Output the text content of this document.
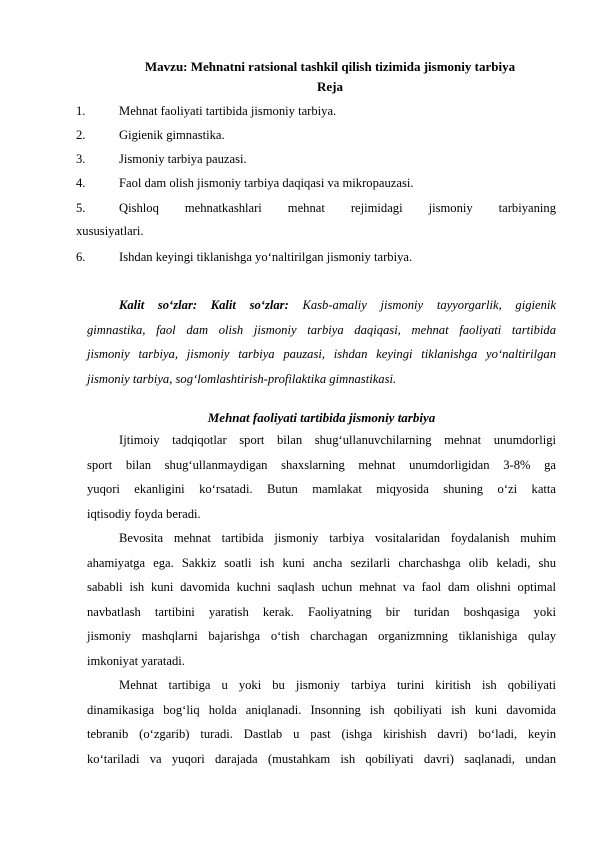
Mavzu: Mehnatni ratsional tashkil qilish tizimida jismoniy tarbiya
Reja
1.	Mehnat faoliyati tartibida jismoniy tarbiya.
2.	Gigienik gimnastika.
3.	Jismoniy tarbiya pauzasi.
4.	Faol dam olish jismoniy tarbiya daqiqasi va mikropauzasi.
5.	Qishloq mehnatkashlari mehnat rejimidagi jismoniy tarbiyaning
xususiyatlari.
6.	Ishdan keyingi tiklanishga yo‘naltirilgan jismoniy tarbiya.
Kalit so‘zlar: Kalit so‘zlar: Kasb-amaliy jismoniy tayyorgarlik, gigienik
gimnastika, faol dam olish jismoniy tarbiya daqiqasi, mehnat faoliyati tartibida
jismoniy tarbiya, jismoniy tarbiya pauzasi, ishdan keyingi tiklanishga yo‘naltirilgan
jismoniy tarbiya, sog‘lomlashtirish-profilaktika gimnastikasi.
Mehnat faoliyati tartibida jismoniy tarbiya
Ijtimoiy tadqiqotlar sport bilan shug‘ullanuvchilarning mehnat unumdorligi
sport bilan shug‘ullanmaydigan shaxslarning mehnat unumdorligidan 3-8% ga
yuqori ekanligini ko‘rsatadi. Butun mamlakat miqyosida shuning o‘zi katta
iqtisodiy foyda beradi.
Bevosita mehnat tartibida jismoniy tarbiya vositalaridan foydalanish muhim
ahamiyatga ega. Sakkiz soatli ish kuni ancha sezilarli charchashga olib keladi, shu
sababli ish kuni davomida kuchni saqlash uchun mehnat va faol dam olishni optimal
navbatlash tartibini yaratish kerak. Faoliyatning bir turidan boshqasiga yoki
jismoniy mashqlarni bajarishga o‘tish charchagan organizmning tiklanishiga qulay
imkoniyat yaratadi.
Mehnat tartibiga u yoki bu jismoniy tarbiya turini kiritish ish qobiliyati
dinamikasiga bog‘liq holda aniqlanadi. Insonning ish qobiliyati ish kuni davomida
tebranib (o‘zgarib) turadi. Dastlab u past (ishga kirishish davri) bo‘ladi, keyin
ko‘tariladi va yuqori darajada (mustahkam ish qobiliyati davri) saqlanadi, undan
